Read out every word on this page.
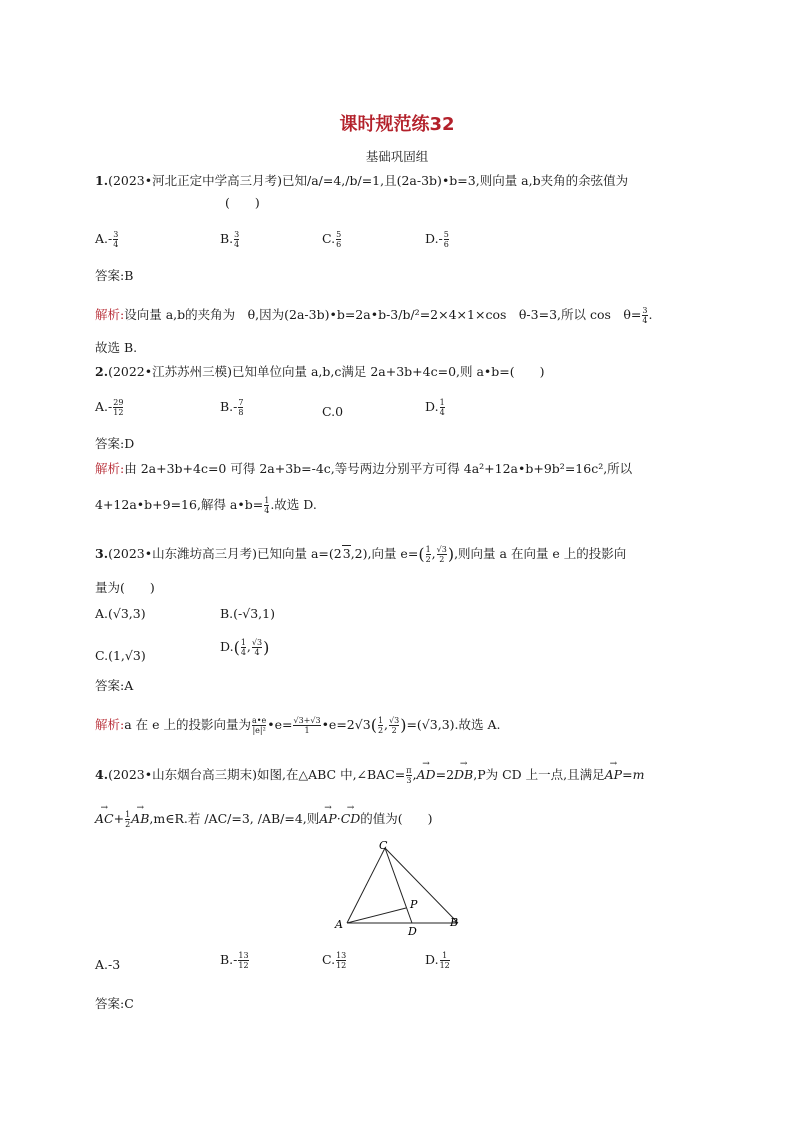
课时规范练32
基础巩固组
1.(2023•河北正定中学高三月考)已知/a/=4,/b/=1,且(2a-3b)•b=3,则向量 a,b夹角的余弦值为
(　　)
$A.- \frac{3}{4}$	B. $\frac{3}{4}$	C. $\frac{5}{6}$	$D.- \frac{5}{6}$
答案:B
解析:设向量 a,b的夹角为　θ,因为(2a-3b)•b=2a•b-3/b/²=2×4×1×cos　θ-3=3,所以 cos　$\theta= \frac{3}{4}$ .
故选 B.
2.(2022•江苏苏州三模)已知单位向量 a,b,c满足 2a+3b+4c=0,则 a•b=(　　)
$A.- \frac{29}{12}$	$B.- \frac{7}{8}$	C.0	D. $\frac{1}{4}$
答案:D
解析:由 2a+3b+4c=0 可得 2a+3b=-4c,等号两边分别平方可得 4a²+12a•b+9b²=16c²,所以
4+12a•b+9=16,解得 a•b= $\frac{1}{4}$ .故选 D.
3.(2023•山东潍坊高三月考)已知向量 a=(23,2),向量 $e=( \frac{1}{2}$ , $\frac{√3}{2}$ ),则向量 a 在向量 e 上的投影向
量为(　　)
A.(√3,3)	B.(-√3,1)
C.(1,√3)
$D.( \frac{1}{4}$ , $\frac{√3}{4}$ )
答案:A
解析:a 在 e 上的投影向量为 $\frac{a•e}{\text{|e|²}}$ •e= $\frac{√3+√3}{1}$ •e=2√3( $\frac{1}{2}$ , $\frac{√3}{2} )=(√3,3)$.故选 A.
4.(2023•山东烟台高三期末)如图,在△ABC 中,∠BAC= $\frac{\pi}{3}$ ,→ AD=2→ DB,P为 CD 上一点,且满足→ AP=m
→ $AC+ \frac{1}{2}$
→ AB,m∈R.若 /AC/=3, /AB/=4,则→ AP·→ CD的值为(　　)
C
A	B
D
P
A.-3	$B.- \frac{13}{12}$	C. $\frac{13}{12}$	D. $\frac{1}{12}$
答案:C
